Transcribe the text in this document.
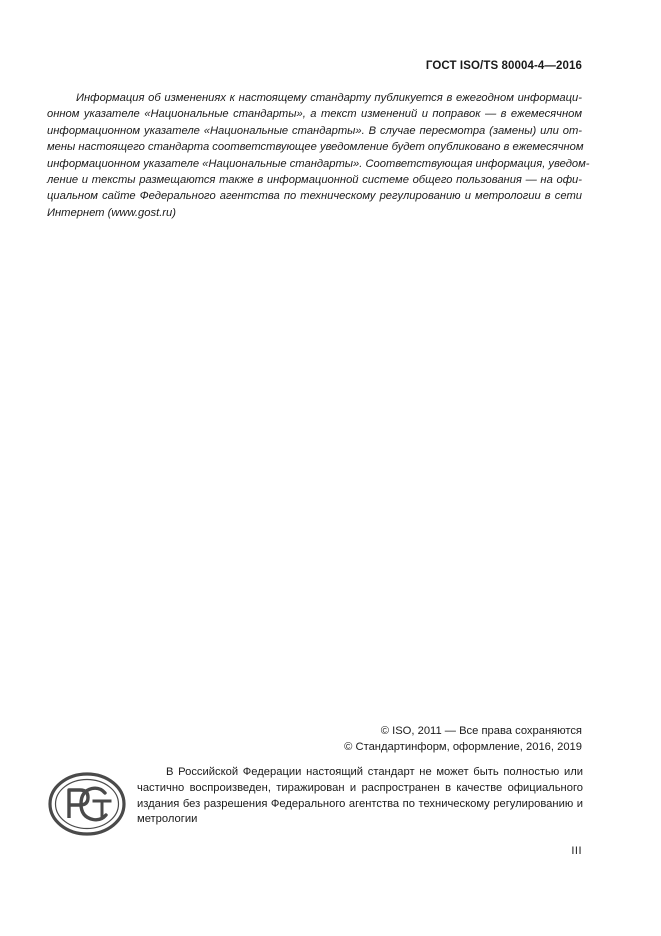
ГОСТ ISO/TS 80004-4—2016
Информация об изменениях к настоящему стандарту публикуется в ежегодном информаци-
онном указателе «Национальные стандарты», а текст изменений и поправок — в ежемесячном
информационном указателе «Национальные стандарты». В случае пересмотра (замены) или от-
мены настоящего стандарта соответствующее уведомление будет опубликовано в ежемесячном
информационном указателе «Национальные стандарты». Соответствующая информация, уведом-
ление и тексты размещаются также в информационной системе общего пользования — на офи-
циальном сайте Федерального агентства по техническому регулированию и метрологии в сети
Интернет (www.gost.ru)
© ISO, 2011 — Все права сохраняются
© Стандартинформ, оформление, 2016, 2019
В Российской Федерации настоящий стандарт не может быть полностью или
частично воспроизведен, тиражирован и распространен в качестве официального
издания без разрешения Федерального агентства по техническому регулированию и
метрологии
III
